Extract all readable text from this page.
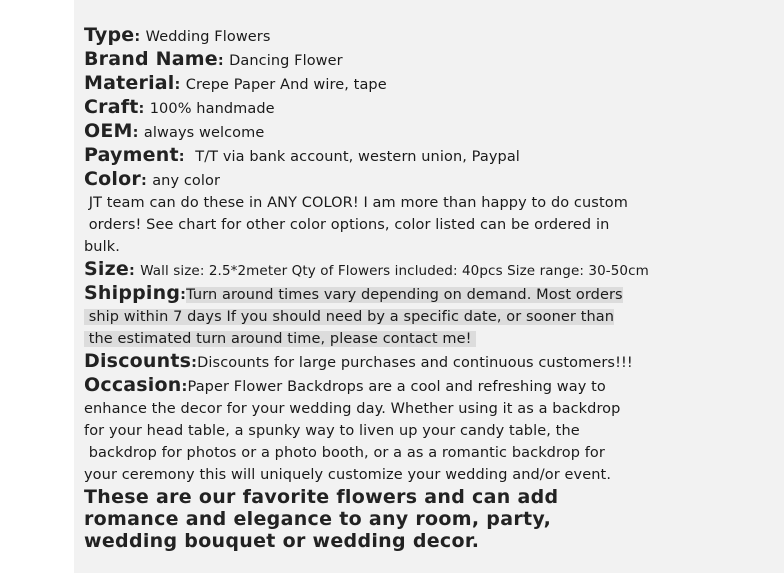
Type: Wedding Flowers
Brand Name: Dancing Flower
Material: Crepe Paper And wire, tape
Craft: 100% handmade
OEM: always welcome
Payment:  T/T via bank account, western union, Paypal
Color: any color
JT team can do these in ANY COLOR! I am more than happy to do custom
orders! See chart for other color options, color listed can be ordered in
bulk.
Size: Wall size: 2.5*2meter Qty of Flowers included: 40pcs Size range: 30-50cm
Shipping:Turn around times vary depending on demand. Most orders
ship within 7 days If you should need by a specific date, or sooner than
the estimated turn around time, please contact me!
Discounts:Discounts for large purchases and continuous customers!!!
Occasion:Paper Flower Backdrops are a cool and refreshing way to
enhance the decor for your wedding day. Whether using it as a backdrop
for your head table, a spunky way to liven up your candy table, the
backdrop for photos or a photo booth, or a as a romantic backdrop for
your ceremony this will uniquely customize your wedding and/or event.
These are our favorite flowers and can add
romance and elegance to any room, party,
wedding bouquet or wedding decor.
